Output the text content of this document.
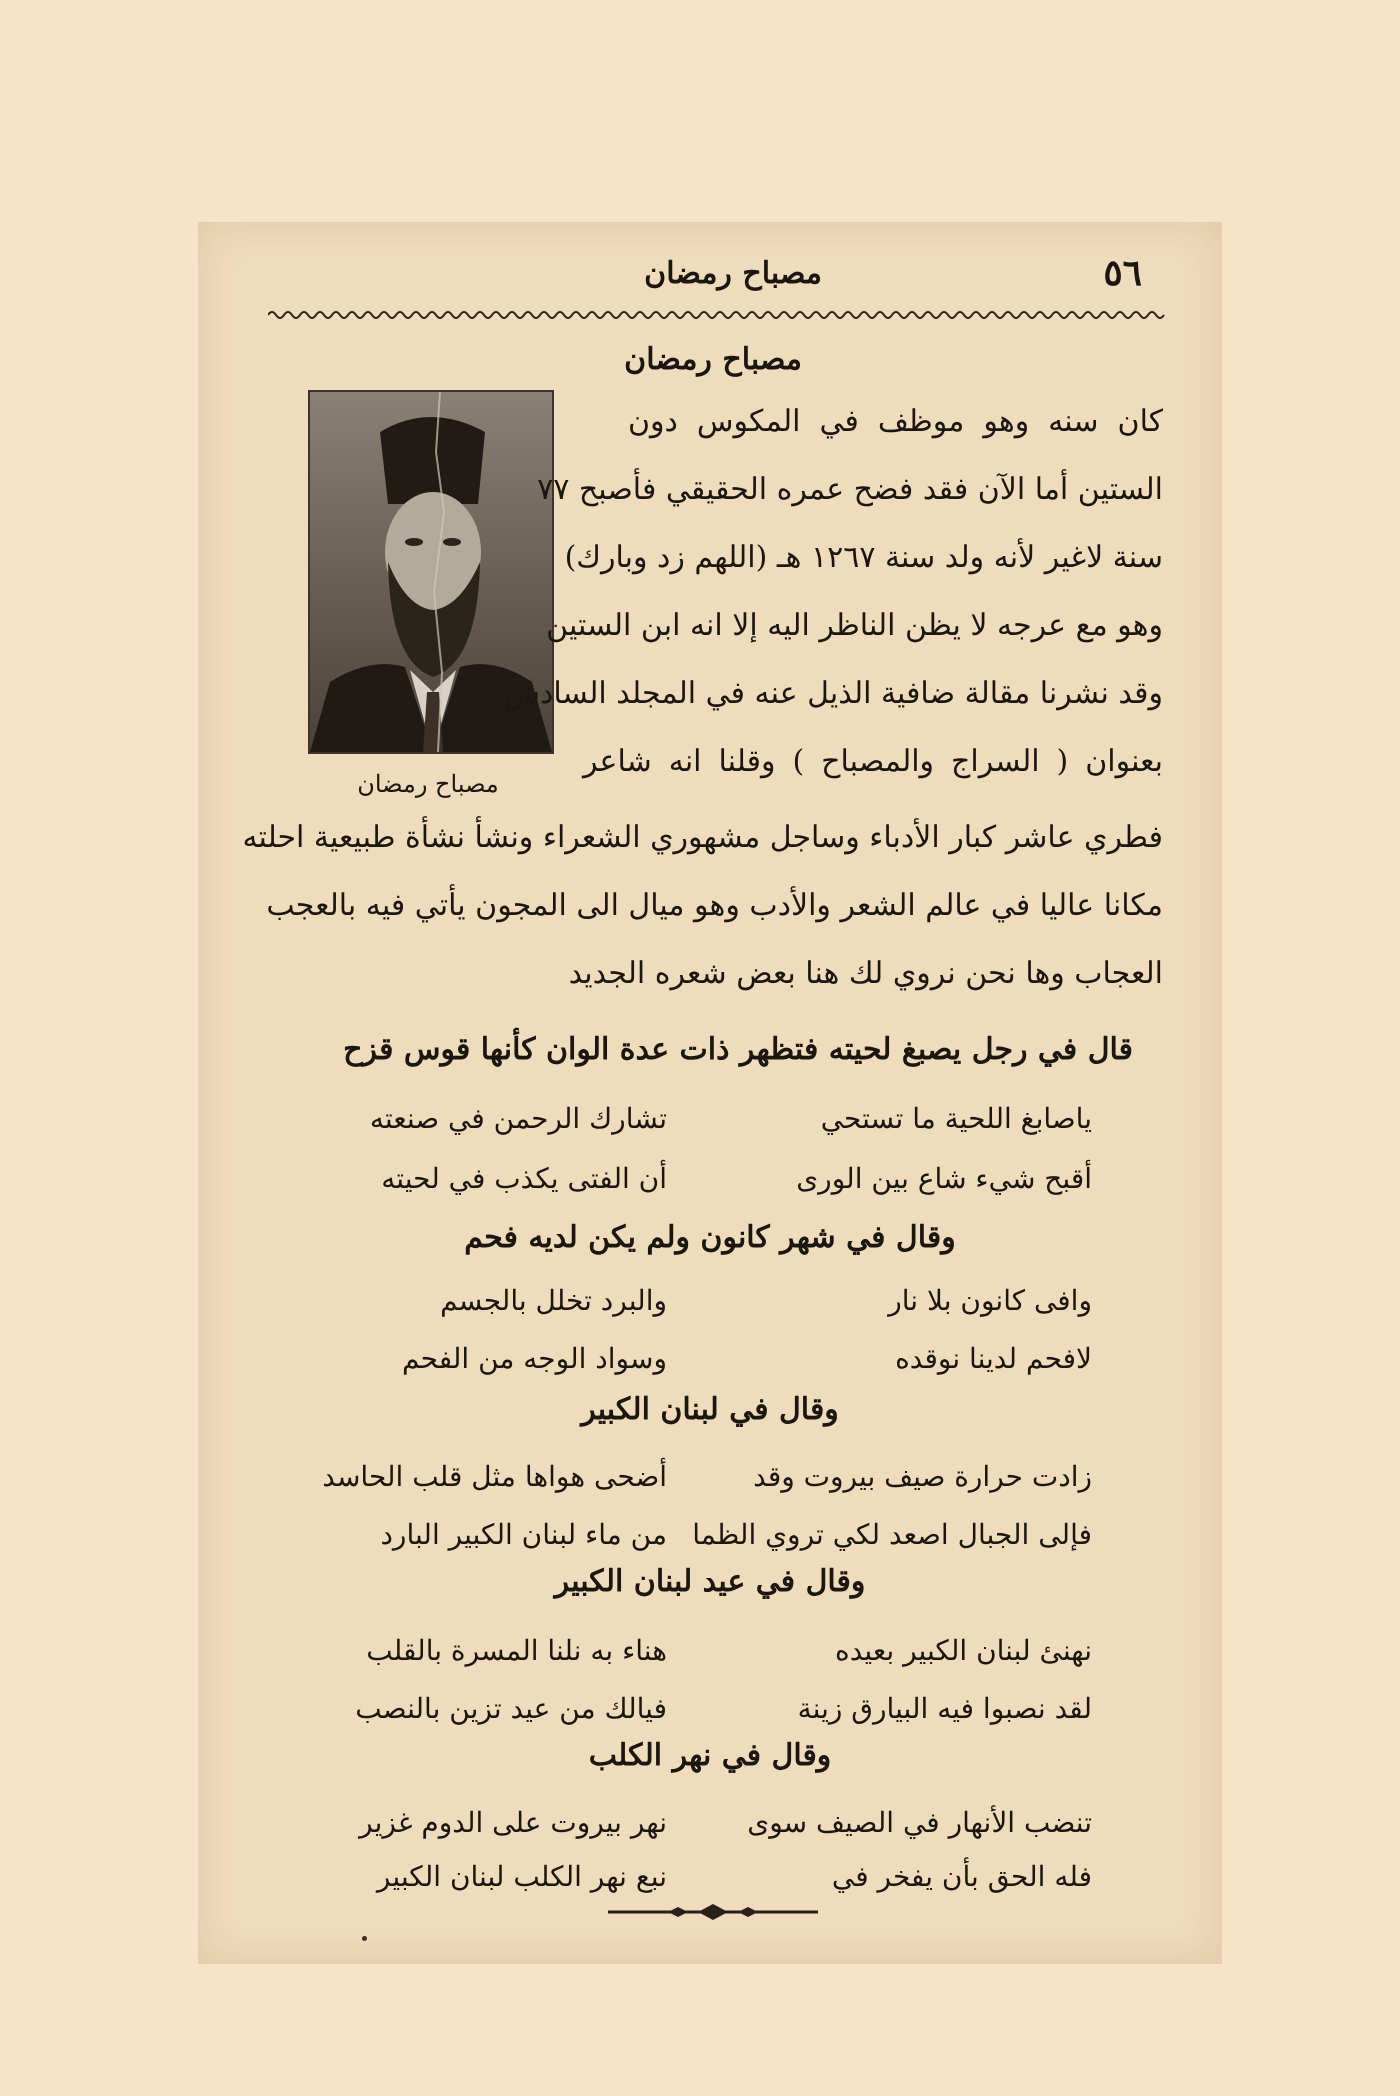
٥٦
مصباح رمضان
مصباح رمضان
مصباح رمضان
كان سنه وهو موظف في المكوس دون
الستين أما الآن فقد فضح عمره الحقيقي فأصبح ٧٧
سنة لاغير لأنه ولد سنة ١٢٦٧ هـ (اللهم زد وبارك)
وهو مع عرجه لا يظن الناظر اليه إلا انه ابن الستين
وقد نشرنا مقالة ضافية الذيل عنه في المجلد السادس
بعنوان ( السراج والمصباح ) وقلنا انه شاعر
فطري عاشر كبار الأدباء وساجل مشهوري الشعراء ونشأ نشأة طبيعية احلته
مكانا عاليا في عالم الشعر والأدب وهو ميال الى المجون يأتي فيه بالعجب
العجاب وها نحن نروي لك هنا بعض شعره الجديد
قال في رجل يصبغ لحيته فتظهر ذات عدة الوان كأنها قوس قزح
ياصابغ اللحية ما تستحي
تشارك الرحمن في صنعته
أقبح شيء شاع بين الورى
أن الفتى يكذب في لحيته
وقال في شهر كانون ولم يكن لديه فحم
وافى كانون بلا نار
والبرد تخلل بالجسم
لافحم لدينا نوقده
وسواد الوجه من الفحم
وقال في لبنان الكبير
زادت حرارة صيف بيروت وقد
أضحى هواها مثل قلب الحاسد
فإلى الجبال اصعد لكي تروي الظما
من ماء لبنان الكبير البارد
وقال في عيد لبنان الكبير
نهنئ لبنان الكبير بعيده
هناء به نلنا المسرة بالقلب
لقد نصبوا فيه البيارق زينة
فيالك من عيد تزين بالنصب
وقال في نهر الكلب
تنضب الأنهار في الصيف سوى
نهر بيروت على الدوم غزير
فله الحق بأن يفخر في
نبع نهر الكلب لبنان الكبير
